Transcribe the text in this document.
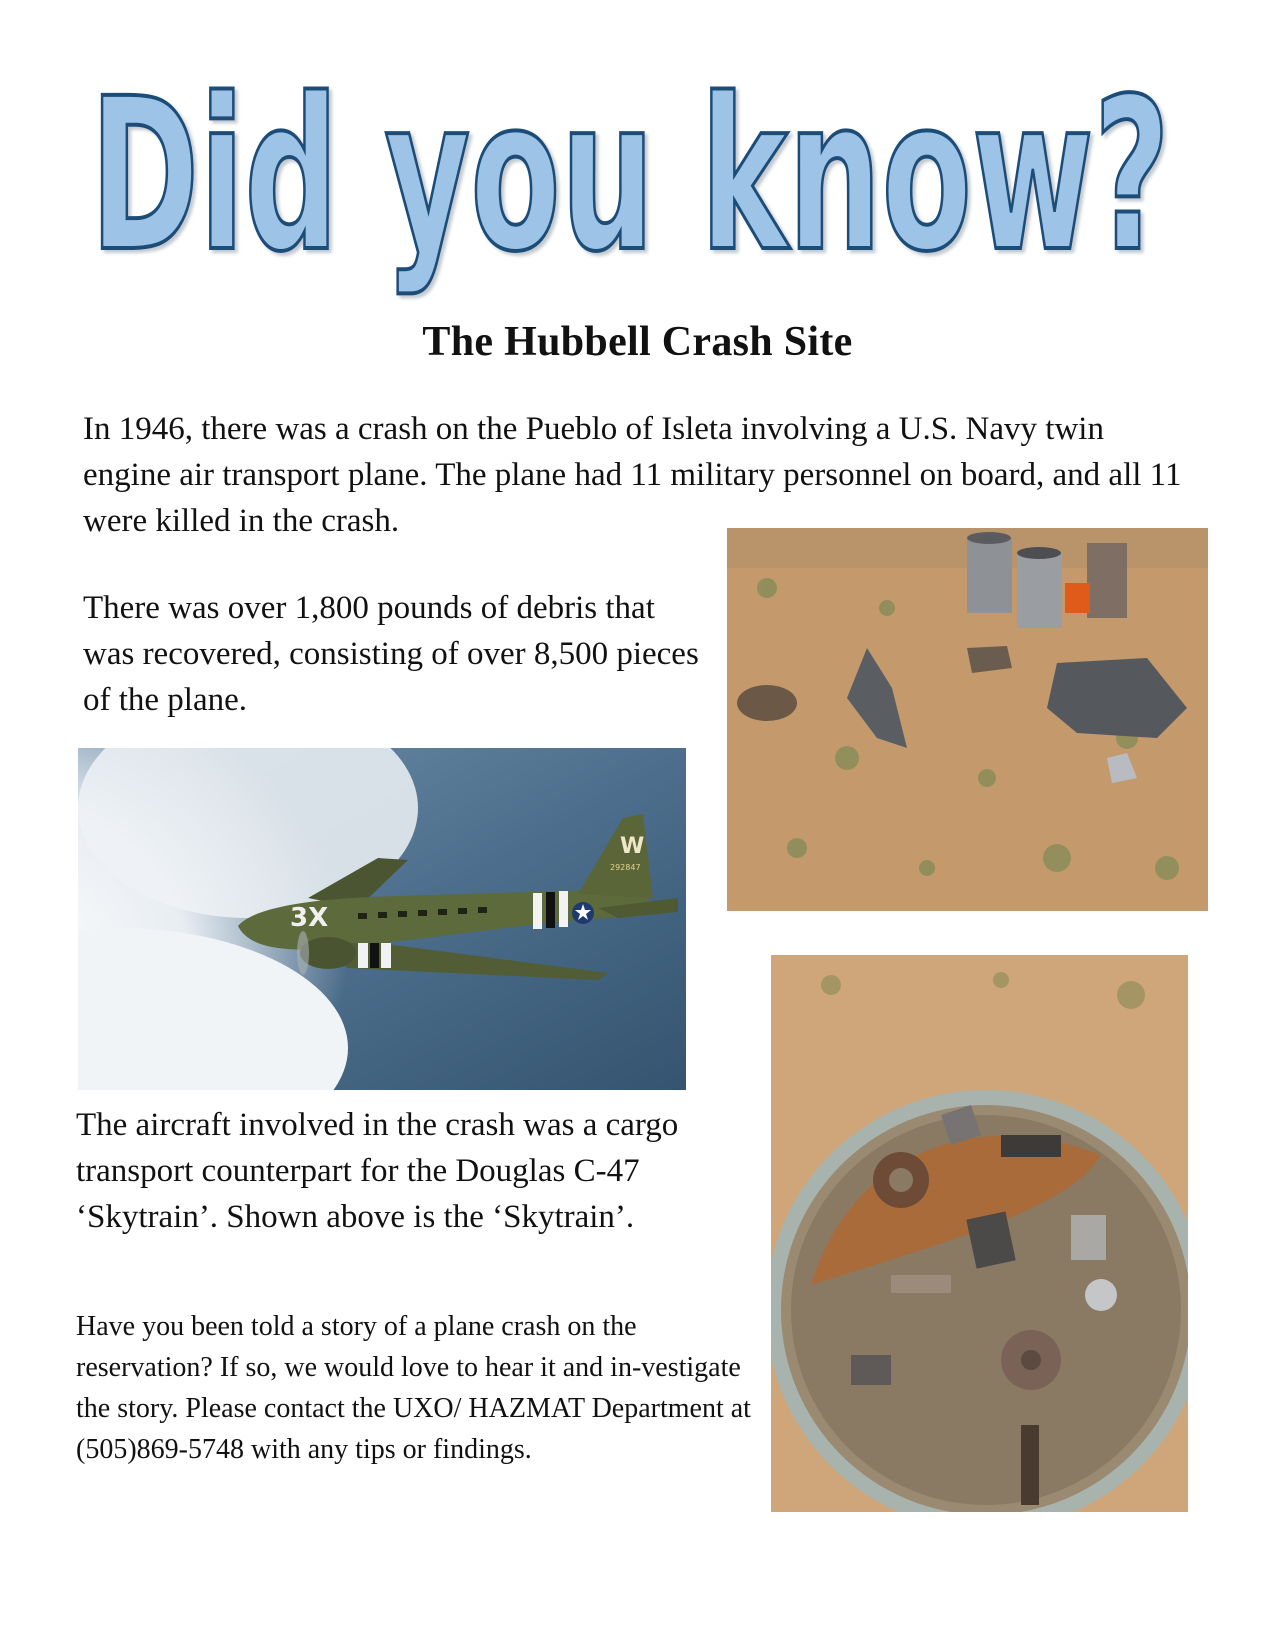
Did you know?
The Hubbell Crash Site

In 1946, there was a crash on the Pueblo of Isleta involving a U.S. Navy twin engine air transport plane. The plane had 11 military personnel on board, and all 11 were killed in the crash.

There was over 1,800 pounds of debris that was recovered, consisting of over 8,500 pieces of the plane.

3X
W
292847

The aircraft involved in the crash was a cargo transport counterpart for the Douglas C-47 ‘Skytrain’. Shown above is the ‘Skytrain’.

Have you been told a story of a plane crash on the reservation? If so, we would love to hear it and in-vestigate the story. Please contact the UXO/ HAZMAT Department at (505)869-5748 with any tips or findings.
